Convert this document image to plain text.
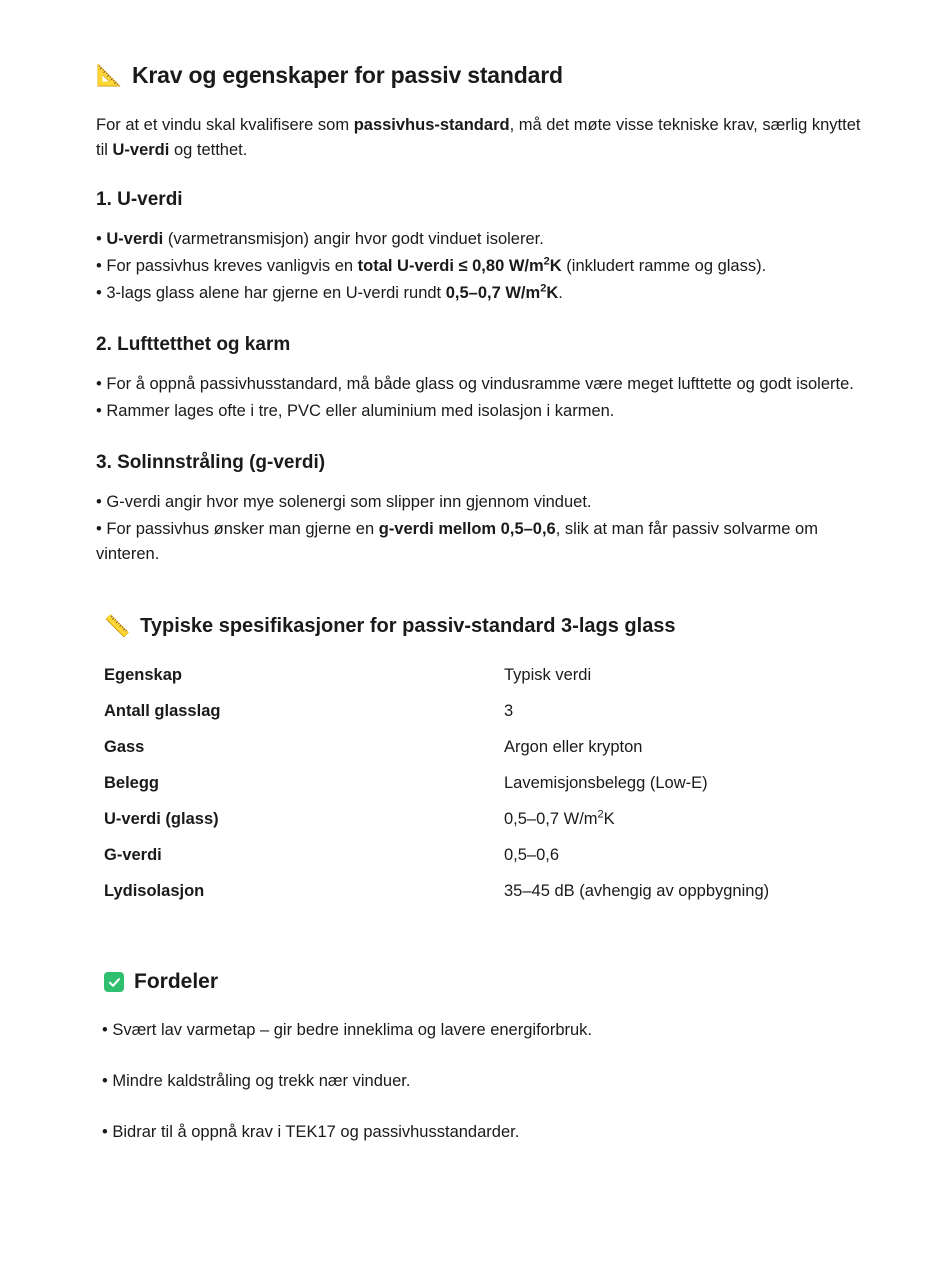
📐 Krav og egenskaper for passiv standard

For at et vindu skal kvalifisere som passivhus-standard, må det møte visse tekniske krav, særlig knyttet til U-verdi og tetthet.

1. U-verdi
• U-verdi (varmetransmisjon) angir hvor godt vinduet isolerer.
• For passivhus kreves vanligvis en total U-verdi ≤ 0,80 $W/m^2K$ (inkludert ramme og glass).
• 3-lags glass alene har gjerne en U-verdi rundt 0,5–0,7 $W/m^2K$.
2. Lufttetthet og karm
• For å oppnå passivhusstandard, må både glass og vindusramme være meget lufttette og godt isolerte.
• Rammer lages ofte i tre, PVC eller aluminium med isolasjon i karmen.
3. Solinnstråling (g-verdi)
• G-verdi angir hvor mye solenergi som slipper inn gjennom vinduet.
• For passivhus ønsker man gjerne en g-verdi mellom 0,5–0,6, slik at man får passiv solvarme om vinteren.
📏 Typiske spesifikasjoner for passiv-standard 3-lags glass
Egenskap	Typisk verdi
Antall glasslag	3
Gass	Argon eller krypton
Belegg	Lavemisjonsbelegg (Low-E)
U-verdi (glass)	0,5–0,7 $W/m^2K$
G-verdi	0,5–0,6
Lydisolasjon	35–45 dB (avhengig av oppbygning)
Fordeler
• Svært lav varmetap – gir bedre inneklima og lavere energiforbruk.
• Mindre kaldstråling og trekk nær vinduer.
• Bidrar til å oppnå krav i TEK17 og passivhusstandarder.
